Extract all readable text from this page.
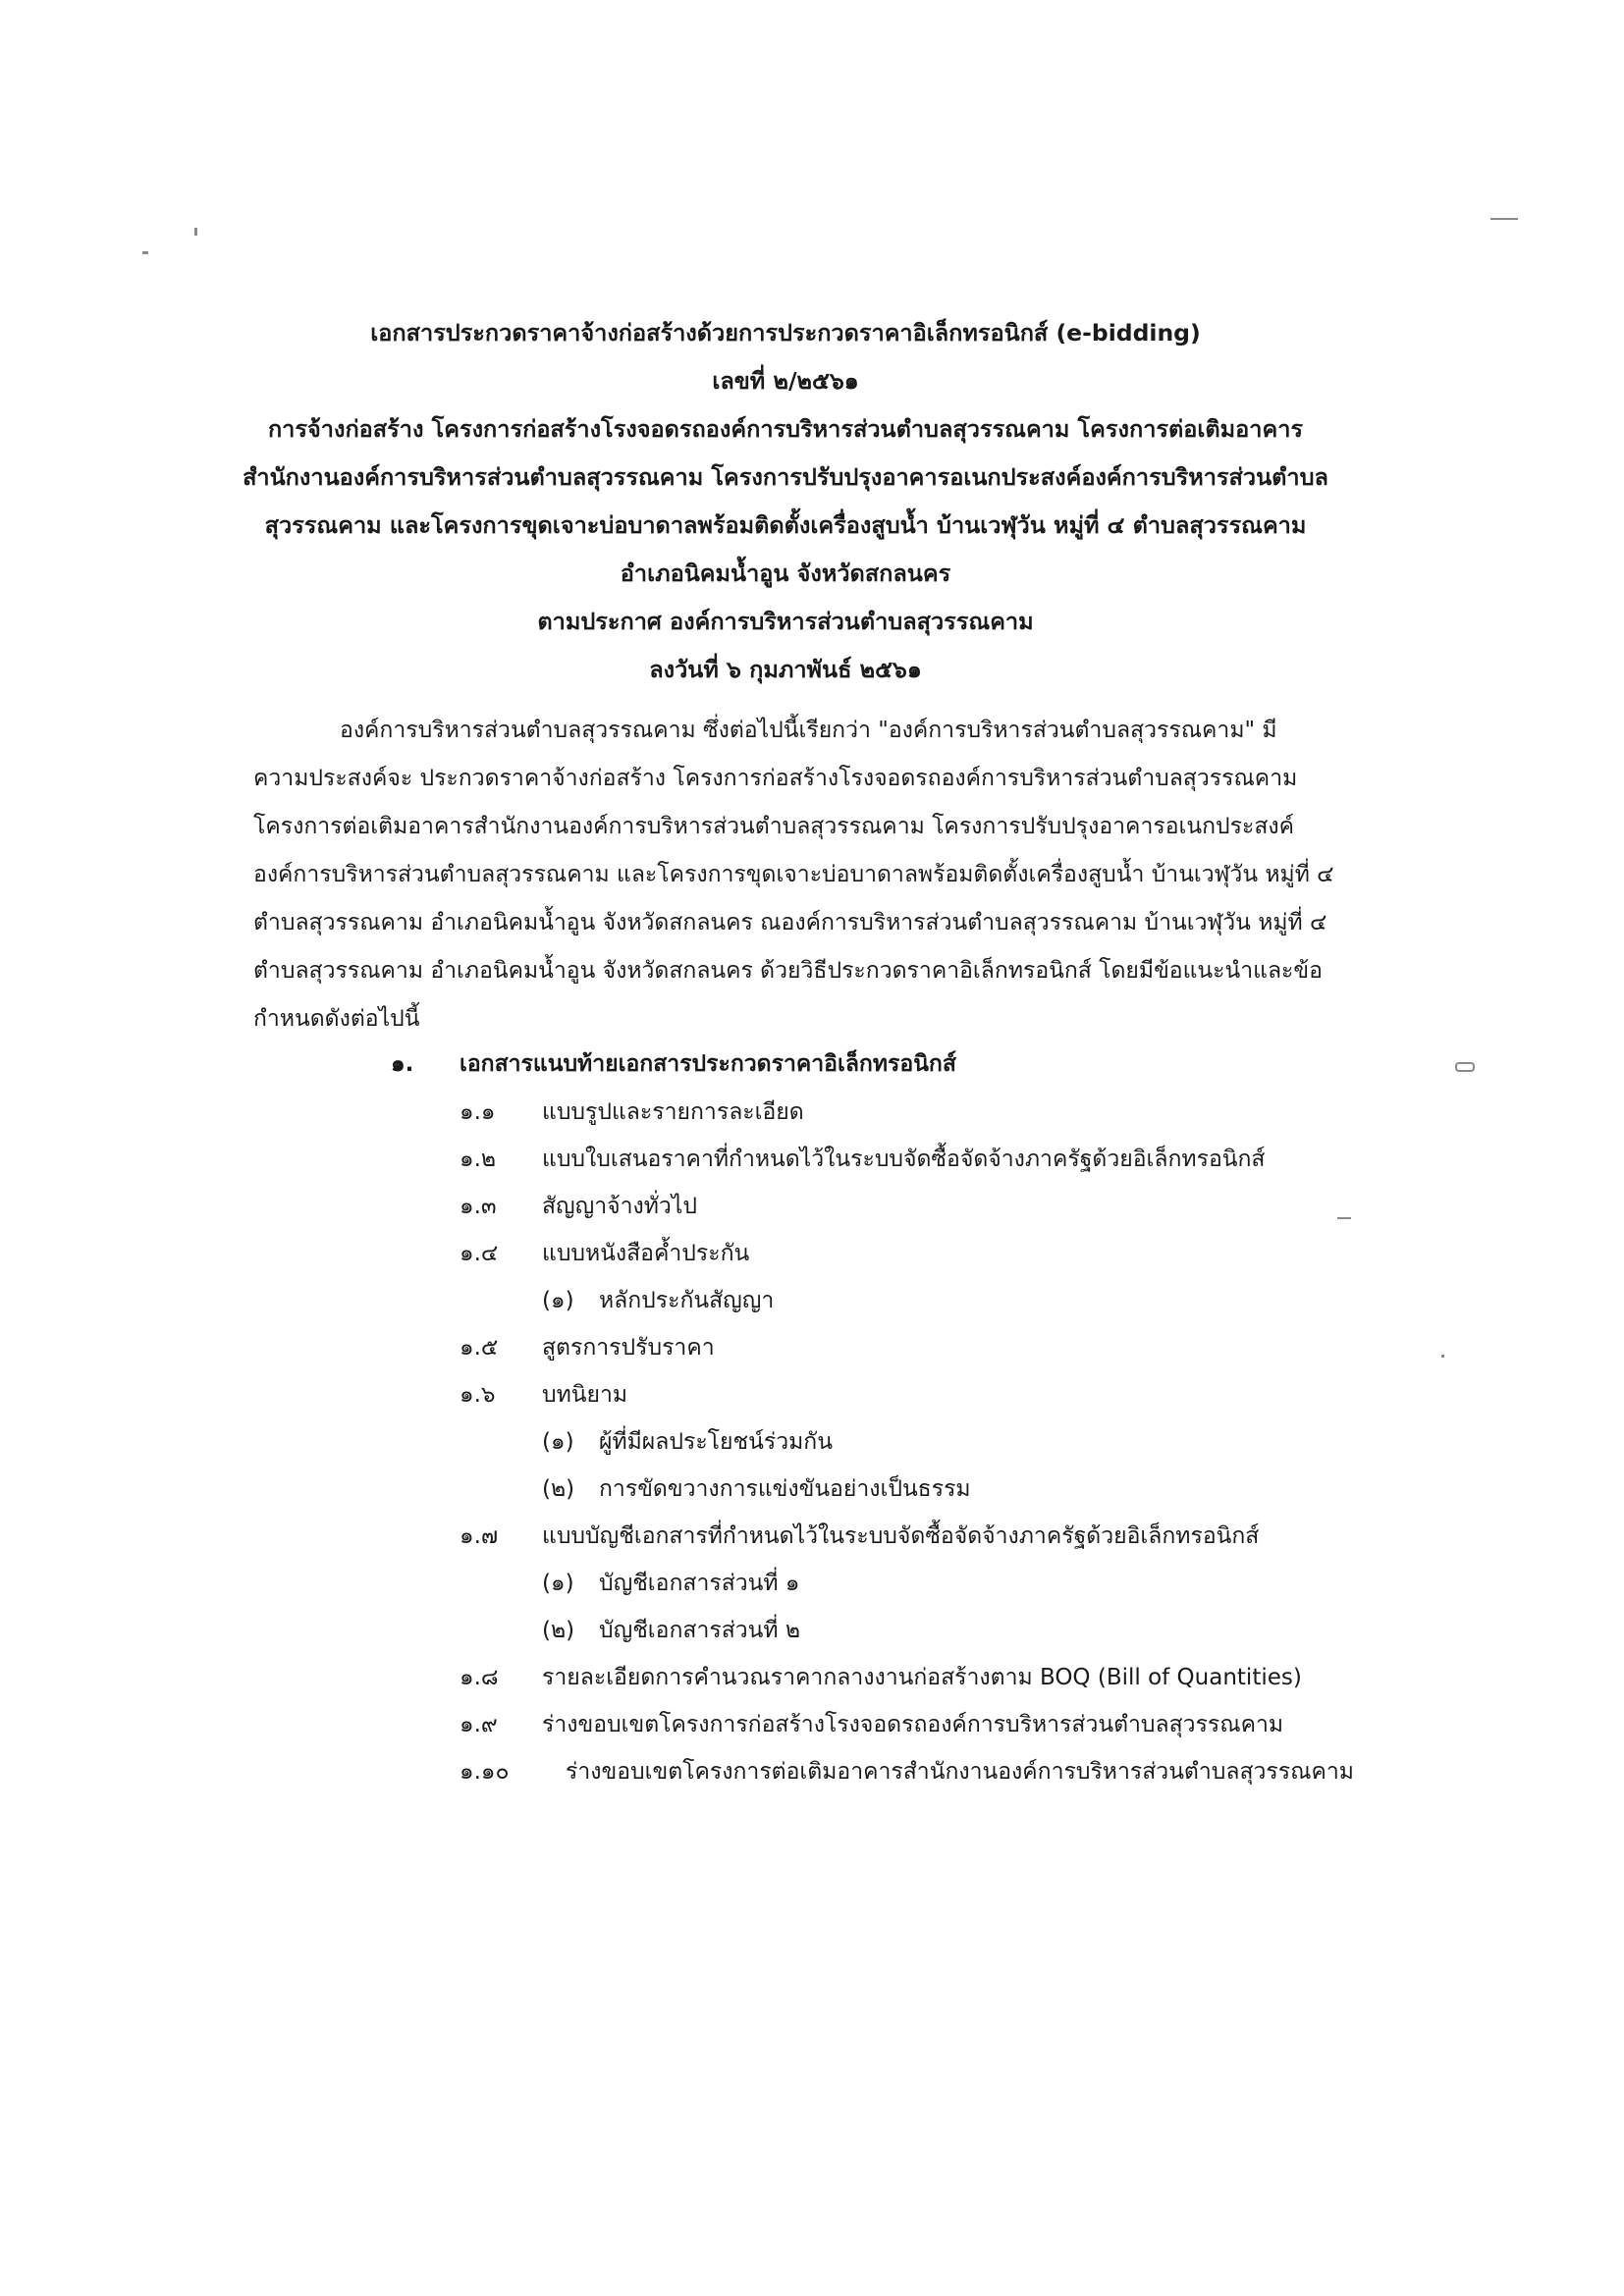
เอกสารประกวดราคาจ้างก่อสร้างด้วยการประกวดราคาอิเล็กทรอนิกส์ (e-bidding)
เลขที่ ๒/๒๕๖๑
การจ้างก่อสร้าง โครงการก่อสร้างโรงจอดรถองค์การบริหารส่วนตำบลสุวรรณคาม โครงการต่อเติมอาคาร
สำนักงานองค์การบริหารส่วนตำบลสุวรรณคาม โครงการปรับปรุงอาคารอเนกประสงค์องค์การบริหารส่วนตำบล
สุวรรณคาม และโครงการขุดเจาะบ่อบาดาลพร้อมติดตั้งเครื่องสูบน้ำ บ้านเวฬุวัน หมู่ที่ ๔ ตำบลสุวรรณคาม
อำเภอนิคมน้ำอูน จังหวัดสกลนคร
ตามประกาศ องค์การบริหารส่วนตำบลสุวรรณคาม
ลงวันที่ ๖ กุมภาพันธ์ ๒๕๖๑
องค์การบริหารส่วนตำบลสุวรรณคาม ซึ่งต่อไปนี้เรียกว่า "องค์การบริหารส่วนตำบลสุวรรณคาม" มี
ความประสงค์จะ ประกวดราคาจ้างก่อสร้าง โครงการก่อสร้างโรงจอดรถองค์การบริหารส่วนตำบลสุวรรณคาม
โครงการต่อเติมอาคารสำนักงานองค์การบริหารส่วนตำบลสุวรรณคาม โครงการปรับปรุงอาคารอเนกประสงค์
องค์การบริหารส่วนตำบลสุวรรณคาม และโครงการขุดเจาะบ่อบาดาลพร้อมติดตั้งเครื่องสูบน้ำ บ้านเวฬุวัน หมู่ที่ ๔
ตำบลสุวรรณคาม อำเภอนิคมน้ำอูน จังหวัดสกลนคร ณองค์การบริหารส่วนตำบลสุวรรณคาม บ้านเวฬุวัน หมู่ที่ ๔
ตำบลสุวรรณคาม อำเภอนิคมน้ำอูน จังหวัดสกลนคร ด้วยวิธีประกวดราคาอิเล็กทรอนิกส์ โดยมีข้อแนะนำและข้อ
กำหนดดังต่อไปนี้
๑. เอกสารแนบท้ายเอกสารประกวดราคาอิเล็กทรอนิกส์
๑.๑ แบบรูปและรายการละเอียด
๑.๒ แบบใบเสนอราคาที่กำหนดไว้ในระบบจัดซื้อจัดจ้างภาครัฐด้วยอิเล็กทรอนิกส์
๑.๓ สัญญาจ้างทั่วไป
๑.๔ แบบหนังสือค้ำประกัน
(๑) หลักประกันสัญญา
๑.๕ สูตรการปรับราคา
๑.๖ บทนิยาม
(๑) ผู้ที่มีผลประโยชน์ร่วมกัน
(๒) การขัดขวางการแข่งขันอย่างเป็นธรรม
๑.๗ แบบบัญชีเอกสารที่กำหนดไว้ในระบบจัดซื้อจัดจ้างภาครัฐด้วยอิเล็กทรอนิกส์
(๑) บัญชีเอกสารส่วนที่ ๑
(๒) บัญชีเอกสารส่วนที่ ๒
๑.๘ รายละเอียดการคำนวณราคากลางงานก่อสร้างตาม BOQ (Bill of Quantities)
๑.๙ ร่างขอบเขตโครงการก่อสร้างโรงจอดรถองค์การบริหารส่วนตำบลสุวรรณคาม
๑.๑๐ ร่างขอบเขตโครงการต่อเติมอาคารสำนักงานองค์การบริหารส่วนตำบลสุวรรณคาม
